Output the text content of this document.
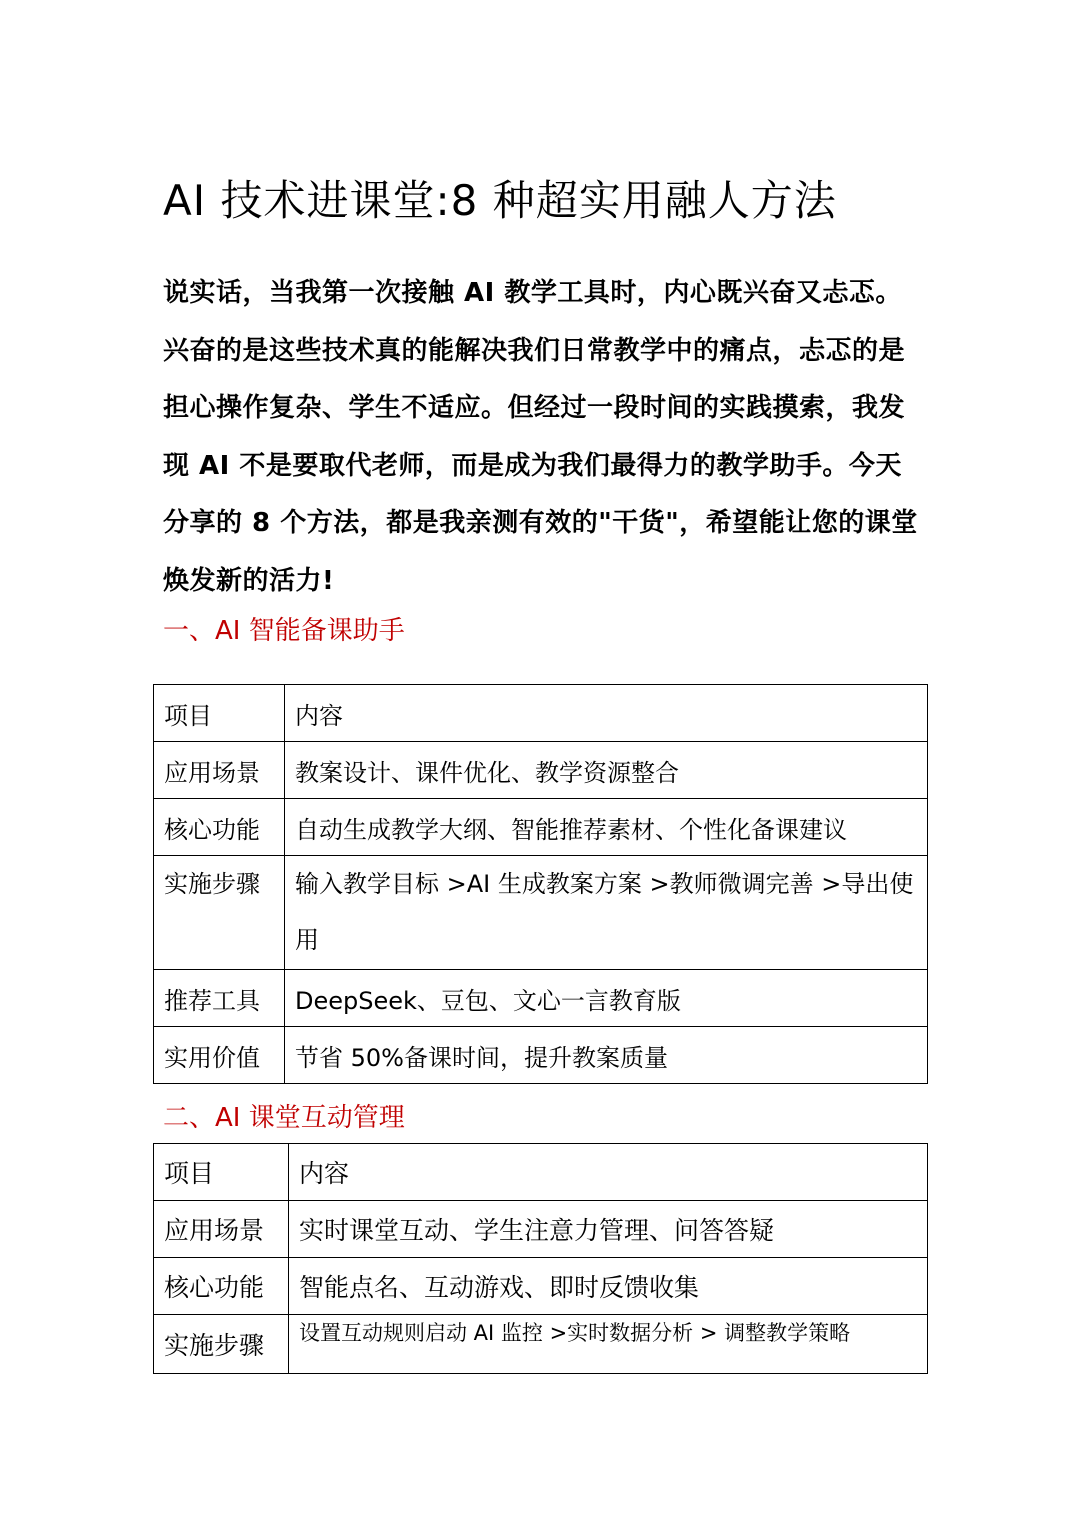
AI 技术进课堂:8 种超实用融人方法

说实话，当我第一次接触 AI 教学工具时，内心既兴奋又忐忑。兴奋的是这些技术真的能解决我们日常教学中的痛点，忐忑的是担心操作复杂、学生不适应。但经过一段时间的实践摸索，我发现 AI 不是要取代老师，而是成为我们最得力的教学助手。今天分享的 8 个方法，都是我亲测有效的"干货"，希望能让您的课堂焕发新的活力!

一、AI 智能备课助手
项目	内容
应用场景	教案设计、课件优化、教学资源整合
核心功能	自动生成教学大纲、智能推荐素材、个性化备课建议
实施步骤	输入教学目标 >AI 生成教案方案 >教师微调完善 >导出使用
推荐工具	DeepSeek、豆包、文心一言教育版
实用价值	节省 50%备课时间，提升教案质量
二、AI 课堂互动管理
项目	内容
应用场景	实时课堂互动、学生注意力管理、问答答疑
核心功能	智能点名、互动游戏、即时反馈收集
实施步骤	设置互动规则启动 AI 监控 >实时数据分析 > 调整教学策略
